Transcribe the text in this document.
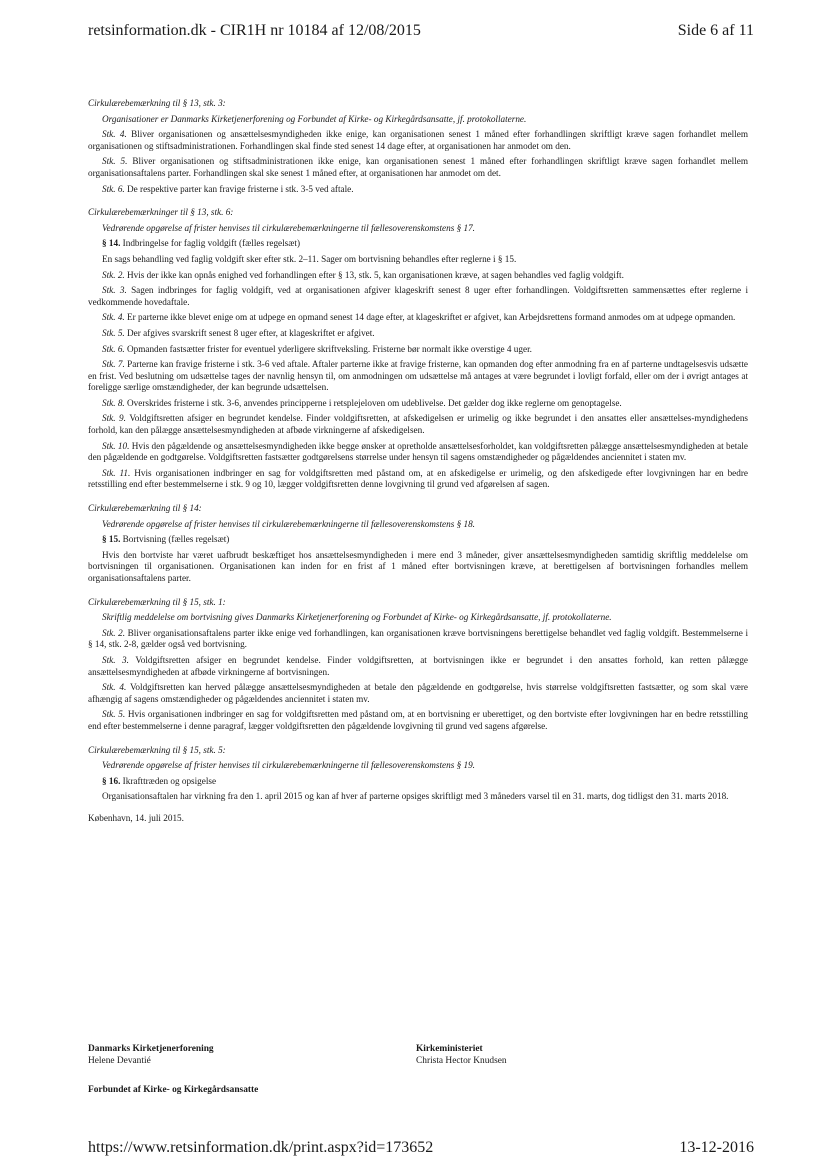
retsinformation.dk - CIR1H nr 10184 af 12/08/2015	Side 6 af 11

Cirkulærebemærkning til § 13, stk. 3:

Organisationer er Danmarks Kirketjenerforening og Forbundet af Kirke- og Kirkegårdsansatte, jf. protokollaterne.

Stk. 4. Bliver organisationen og ansættelsesmyndigheden ikke enige, kan organisationen senest 1 måned efter forhandlingen skriftligt kræve sagen forhandlet mellem organisationen og stiftsadministrationen. Forhandlingen skal finde sted senest 14 dage efter, at organisationen har anmodet om den.

Stk. 5. Bliver organisationen og stiftsadministrationen ikke enige, kan organisationen senest 1 måned efter forhandlingen skriftligt kræve sagen forhandlet mellem organisationsaftalens parter. Forhandlingen skal ske senest 1 måned efter, at organisationen har anmodet om det.

Stk. 6. De respektive parter kan fravige fristerne i stk. 3-5 ved aftale.

Cirkulærebemærkninger til § 13, stk. 6:

Vedrørende opgørelse af frister henvises til cirkulærebemærkningerne til fællesoverenskomstens § 17.

§ 14. Indbringelse for faglig voldgift (fælles regelsæt)

En sags behandling ved faglig voldgift sker efter stk. 2–11. Sager om bortvisning behandles efter reglerne i § 15.

Stk. 2. Hvis der ikke kan opnås enighed ved forhandlingen efter § 13, stk. 5, kan organisationen kræve, at sagen behandles ved faglig voldgift.

Stk. 3. Sagen indbringes for faglig voldgift, ved at organisationen afgiver klageskrift senest 8 uger efter forhandlingen. Voldgiftsretten sammensættes efter reglerne i vedkommende hovedaftale.

Stk. 4. Er parterne ikke blevet enige om at udpege en opmand senest 14 dage efter, at klageskriftet er afgivet, kan Arbejdsrettens formand anmodes om at udpege opmanden.

Stk. 5. Der afgives svarskrift senest 8 uger efter, at klageskriftet er afgivet.

Stk. 6. Opmanden fastsætter frister for eventuel yderligere skriftveksling. Fristerne bør normalt ikke overstige 4 uger.

Stk. 7. Parterne kan fravige fristerne i stk. 3-6 ved aftale. Aftaler parterne ikke at fravige fristerne, kan opmanden dog efter anmodning fra en af parterne undtagelsesvis udsætte en frist. Ved beslutning om udsættelse tages der navnlig hensyn til, om anmodningen om udsættelse må antages at være begrundet i lovligt forfald, eller om der i øvrigt antages at foreligge særlige omstændigheder, der kan begrunde udsættelsen.

Stk. 8. Overskrides fristerne i stk. 3-6, anvendes principperne i retsplejeloven om udeblivelse. Det gælder dog ikke reglerne om genoptagelse.

Stk. 9. Voldgiftsretten afsiger en begrundet kendelse. Finder voldgiftsretten, at afskedigelsen er urimelig og ikke begrundet i den ansattes eller ansættelses-myndighedens forhold, kan den pålægge ansættelsesmyndigheden at afbøde virkningerne af afskedigelsen.

Stk. 10. Hvis den pågældende og ansættelsesmyndigheden ikke begge ønsker at opretholde ansættelsesforholdet, kan voldgiftsretten pålægge ansættelsesmyndigheden at betale den pågældende en godtgørelse. Voldgiftsretten fastsætter godtgørelsens størrelse under hensyn til sagens omstændigheder og pågældendes anciennitet i staten mv.

Stk. 11. Hvis organisationen indbringer en sag for voldgiftsretten med påstand om, at en afskedigelse er urimelig, og den afskedigede efter lovgivningen har en bedre retsstilling end efter bestemmelserne i stk. 9 og 10, lægger voldgiftsretten denne lovgivning til grund ved afgørelsen af sagen.

Cirkulærebemærkning til § 14:

Vedrørende opgørelse af frister henvises til cirkulærebemærkningerne til fællesoverenskomstens § 18.

§ 15. Bortvisning (fælles regelsæt)

Hvis den bortviste har været uafbrudt beskæftiget hos ansættelsesmyndigheden i mere end 3 måneder, giver ansættelsesmyndigheden samtidig skriftlig meddelelse om bortvisningen til organisationen. Organisationen kan inden for en frist af 1 måned efter bortvisningen kræve, at berettigelsen af bortvisningen forhandles mellem organisationsaftalens parter.

Cirkulærebemærkning til § 15, stk. 1:

Skriftlig meddelelse om bortvisning gives Danmarks Kirketjenerforening og Forbundet af Kirke- og Kirkegårdsansatte, jf. protokollaterne.

Stk. 2. Bliver organisationsaftalens parter ikke enige ved forhandlingen, kan organisationen kræve bortvisningens berettigelse behandlet ved faglig voldgift. Bestemmelserne i § 14, stk. 2-8, gælder også ved bortvisning.

Stk. 3. Voldgiftsretten afsiger en begrundet kendelse. Finder voldgiftsretten, at bortvisningen ikke er begrundet i den ansattes forhold, kan retten pålægge ansættelsesmyndigheden at afbøde virkningerne af bortvisningen.

Stk. 4. Voldgiftsretten kan herved pålægge ansættelsesmyndigheden at betale den pågældende en godtgørelse, hvis størrelse voldgiftsretten fastsætter, og som skal være afhængig af sagens omstændigheder og pågældendes anciennitet i staten mv.

Stk. 5. Hvis organisationen indbringer en sag for voldgiftsretten med påstand om, at en bortvisning er uberettiget, og den bortviste efter lovgivningen har en bedre retsstilling end efter bestemmelserne i denne paragraf, lægger voldgiftsretten den pågældende lovgivning til grund ved sagens afgørelse.

Cirkulærebemærkning til § 15, stk. 5:

Vedrørende opgørelse af frister henvises til cirkulærebemærkningerne til fællesoverenskomstens § 19.

§ 16. Ikrafttræden og opsigelse

Organisationsaftalen har virkning fra den 1. april 2015 og kan af hver af parterne opsiges skriftligt med 3 måneders varsel til en 31. marts, dog tidligst den 31. marts 2018.

København, 14. juli 2015.

Danmarks Kirketjenerforening
Helene Devantié
Kirkeministeriet
Christa Hector Knudsen
Forbundet af Kirke- og Kirkegårdsansatte
https://www.retsinformation.dk/print.aspx?id=173652	13-12-2016
